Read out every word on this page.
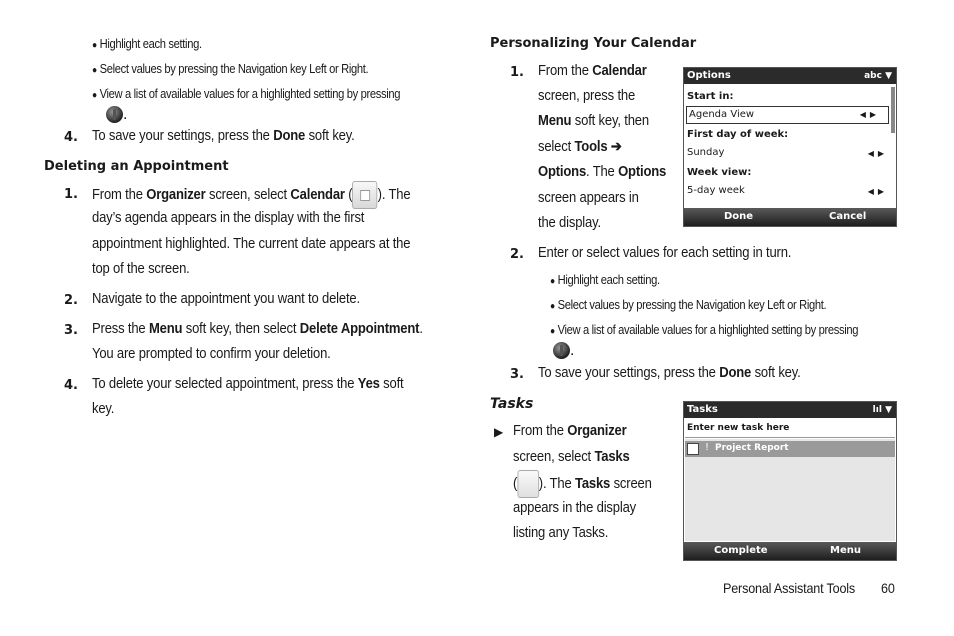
● Highlight each setting.
● Select values by pressing the Navigation key Left or Right.
● View a list of available values for a highlighted setting by pressing
.
4. To save your settings, press the Done soft key.
Deleting an Appointment
1. From the Organizer screen, select Calendar ( ). The
day’s agenda appears in the display with the first
appointment highlighted. The current date appears at the
top of the screen.
2. Navigate to the appointment you want to delete.
3. Press the Menu soft key, then select Delete Appointment.
You are prompted to confirm your deletion.
4. To delete your selected appointment, press the Yes soft
key.
Personalizing Your Calendar
1. From the Calendar
screen, press the
Menu soft key, then
select Tools ➔
Options. The Options
screen appears in
the display.
Options	abc ▼
Start in:
Agenda View	◀▶
First day of week:
Sunday	◀▶
Week view:
5-day week	◀▶
Done	Cancel
2. Enter or select values for each setting in turn.
● Highlight each setting.
● Select values by pressing the Navigation key Left or Right.
● View a list of available values for a highlighted setting by pressing
.
3. To save your settings, press the Done soft key.
Tasks
▶ From the Organizer
screen, select Tasks
( ). The Tasks screen
appears in the display
listing any Tasks.
Tasks	lıl ▼
Enter new task here
! Project Report
Complete	Menu
Personal Assistant Tools 60
